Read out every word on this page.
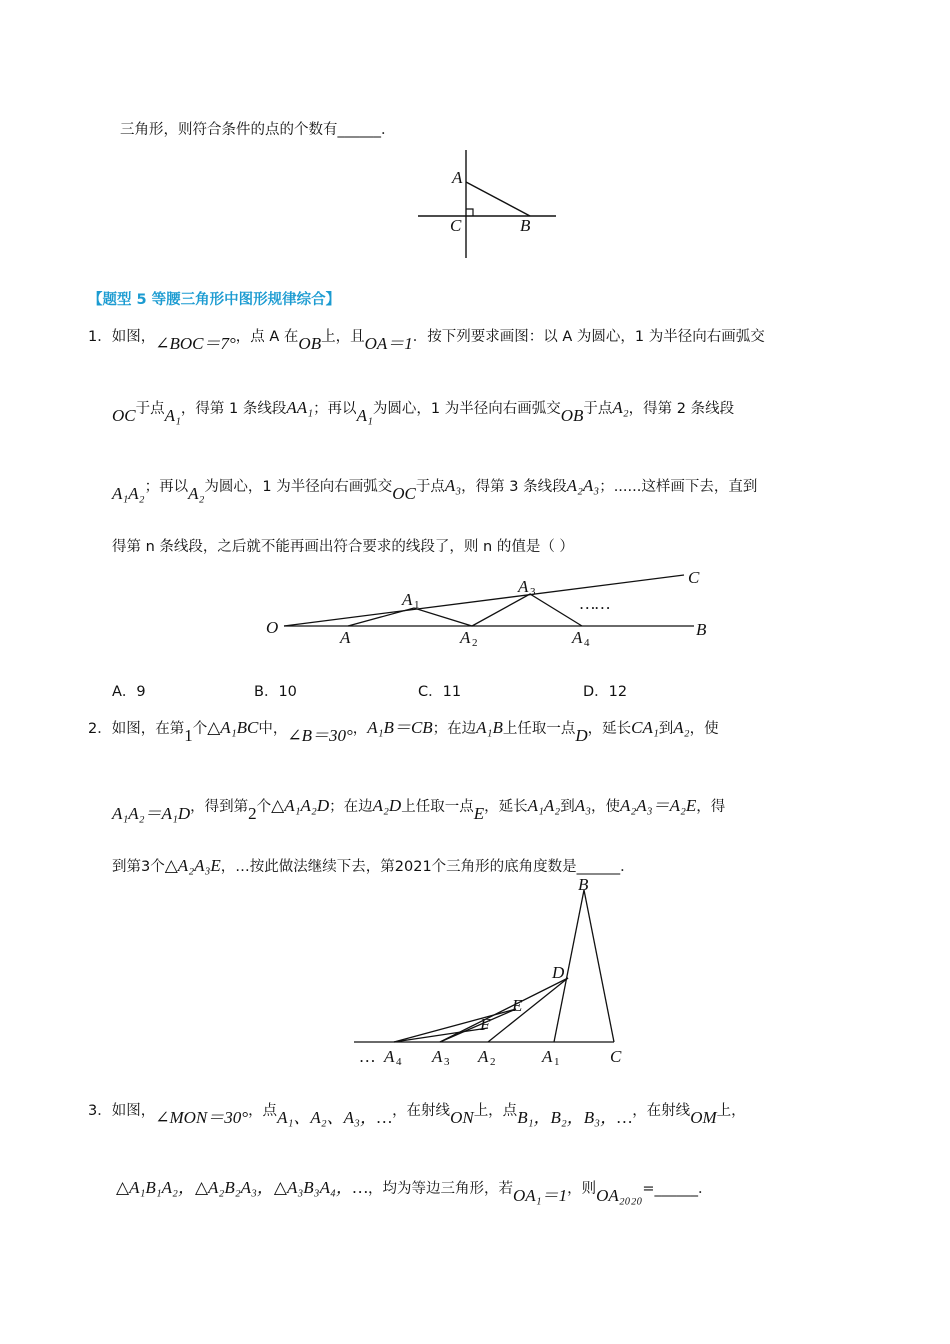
三角形，则符合条件的点的个数有______．
A
C	B
【题型 5 等腰三角形中图形规律综合】
1．如图，∠BOC＝7°，点 A 在OB上，且OA＝1．按下列要求画图：以 A 为圆心，1 为半径向右画弧交
OC于点A₁，得第 1 条线段AA₁；再以A₁为圆心，1 为半径向右画弧交OB于点A₂，得第 2 条线段
A₁A₂；再以A₂为圆心，1 为半径向右画弧交OC于点A₃，得第 3 条线段A₂A₃；......这样画下去，直到
得第 n 条线段，之后就不能再画出符合要求的线段了，则 n 的值是（ ）
O
A
A 1
A 2
A 3
A 4
……
C
B
A．9	B．10	C．11	D．12
2．如图，在第1个△A₁BC中，∠B＝30°，A₁B＝CB；在边A₁B上任取一点D，延长CA₁到A₂，使
A₁A₂＝A₁D，得到第2个△A₁A₂D；在边A₂D上任取一点E，延长A₁A₂到A₃，使A₂A₃＝A₂E，得
到第3个△A₂A₃E，…按此做法继续下去，第2021个三角形的底角度数是______．
B
D
E
F
C
A 1
A 2
A 3
… A 4
3．如图，∠MON＝30°，点A₁、A₂、A₃，…，在射线ON上，点B₁，B₂，B₃，…，在射线OM上，
△A₁B₁A₂，△A₂B₂A₃，△A₃B₃A₄，…，均为等边三角形，若OA₁＝1，则OA₂₀₂₀=______．
